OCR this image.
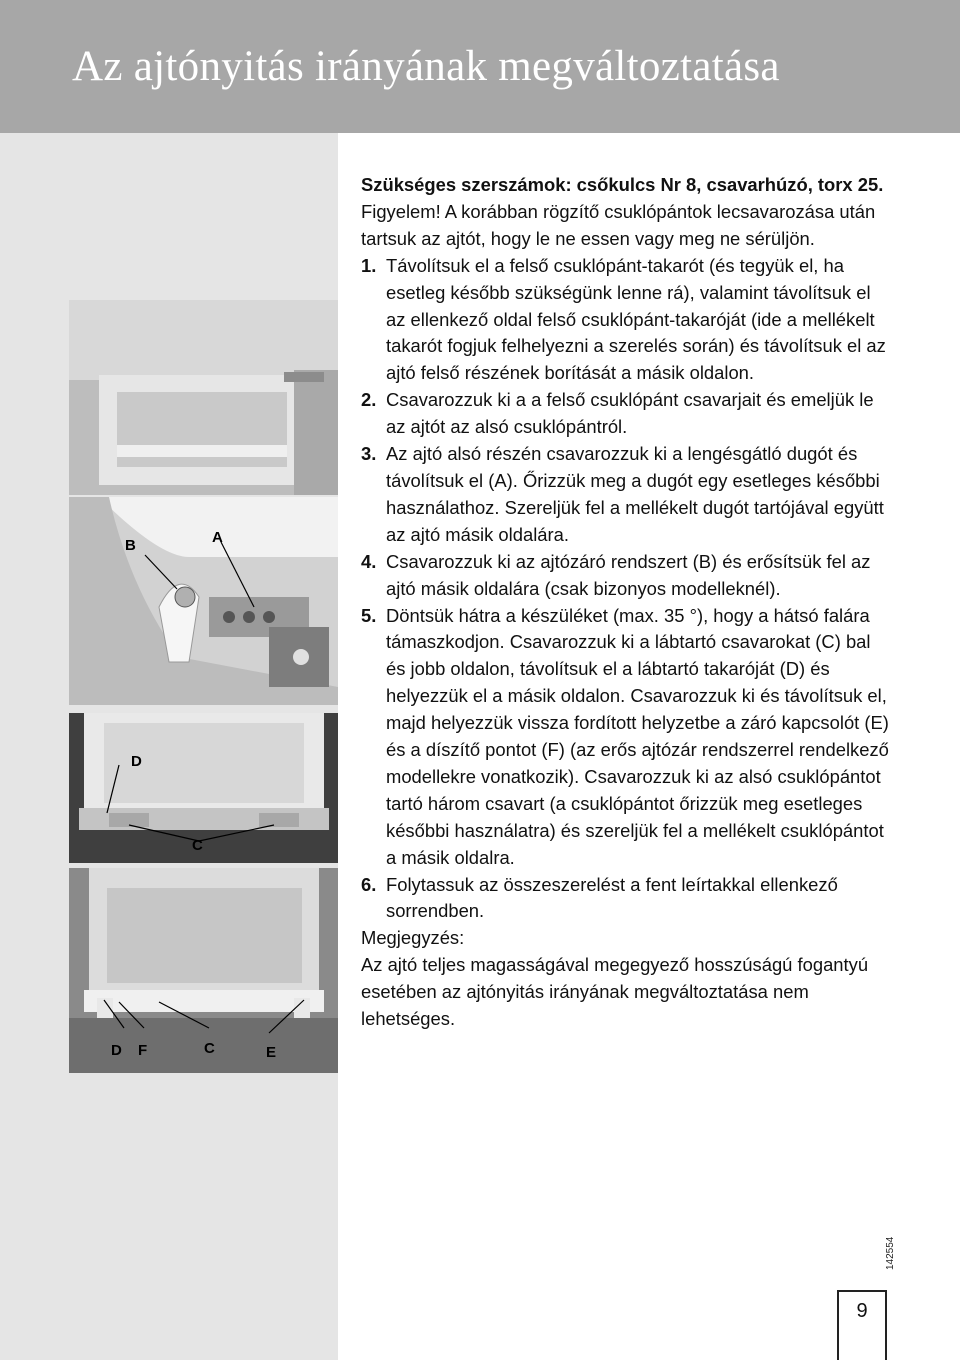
Az ajtónyitás irányának megváltoztatása
B	A
D
C
D F	C	E

Szükséges szerszámok: csőkulcs Nr 8, csavarhúzó, torx 25.

Figyelem! A korábban rögzítő csuklópántok lecsavarozása után tartsuk az ajtót, hogy le ne essen vagy meg ne sérüljön.

1. Távolítsuk el a felső csuklópánt-takarót (és tegyük el, ha esetleg később szükségünk lenne rá), valamint távolítsuk el az ellenkező oldal felső csuklópánt-takaróját (ide a mellékelt takarót fogjuk felhelyezni a szerelés során) és távolítsuk el az ajtó felső részének borítását a másik oldalon.
2. Csavarozzuk ki a a felső csuklópánt csavarjait és emeljük le az ajtót az alsó csuklópántról.
3. Az ajtó alsó részén csavarozzuk ki a lengésgátló dugót és távolítsuk el (A). Őrizzük meg a dugót egy esetleges későbbi használathoz. Szereljük fel a mellékelt dugót tartójával együtt az ajtó másik oldalára.
4. Csavarozzuk ki az ajtózáró rendszert (B) és erősítsük fel az ajtó másik oldalára (csak bizonyos modelleknél).
5. Döntsük hátra a készüléket (max. 35 °), hogy a hátsó falára támaszkodjon. Csavarozzuk ki a lábtartó csavarokat (C) bal és jobb oldalon, távolítsuk el a lábtartó takaróját (D) és helyezzük el a másik oldalon. Csavarozzuk ki és távolítsuk el, majd helyezzük vissza fordított helyzetbe a záró kapcsolót (E) és a díszítő pontot (F) (az erős ajtózár rendszerrel rendelkező modellekre vonatkozik). Csavarozzuk ki az alsó csuklópántot tartó három csavart (a csuklópántot őrizzük meg esetleges későbbi használatra) és szereljük fel a mellékelt csuklópántot a másik oldalra.
6. Folytassuk az összeszerelést a fent leírtakkal ellenkező sorrendben.

Megjegyzés:

Az ajtó teljes magasságával megegyező hosszúságú fogantyú esetében az ajtónyitás irányának megváltoztatása nem lehetséges.

142554
9
